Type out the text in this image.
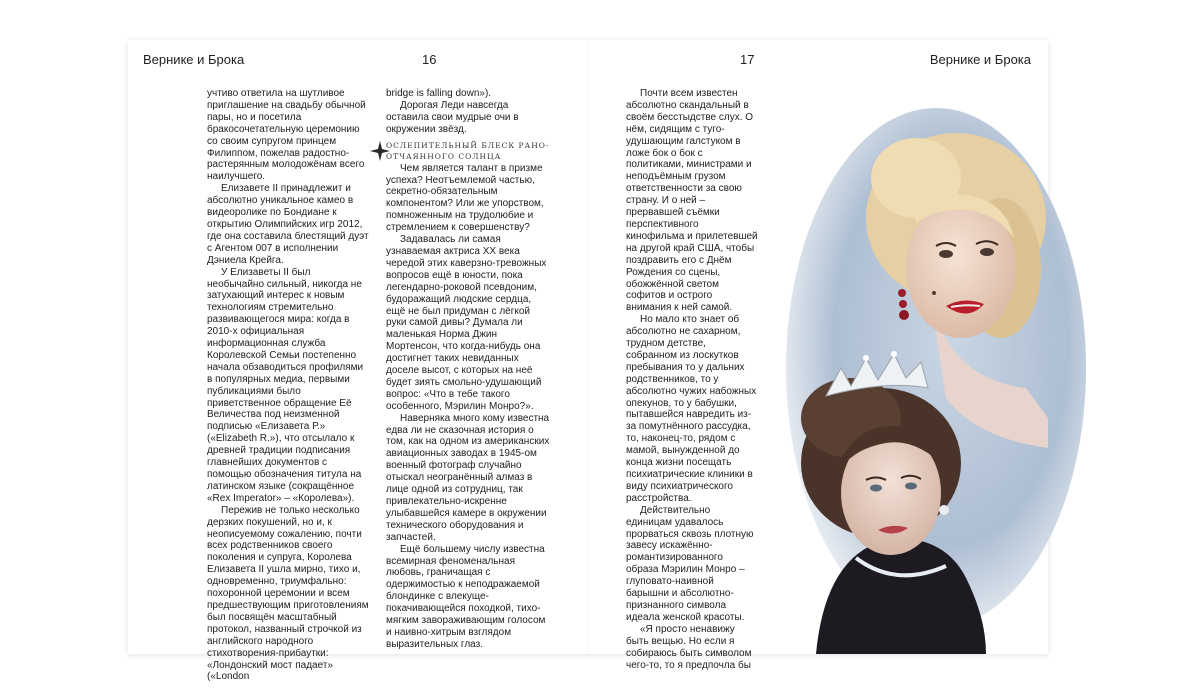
Верникe и Брока	16	17	Верникe и Брока

учтиво ответила на шутливое приглашение на свадьбу обычной пары, но и посетила бракосочетательную церемонию со своим супругом принцем Филиппом, пожелав радостно-растерянным молодожёнам всего наилучшего.

Елизавете II принадлежит и абсолютно уникальное камео в видеоролике по Бондиане к открытию Олимпийских игр 2012, где она составила блестящий дуэт с Агентом 007 в исполнении Дэниела Крейга.

У Елизаветы II был необычайно сильный, никогда не затухающий интерес к новым технологиям стремительно развивающегося мира: когда в 2010-х официальная информационная служба Королевской Семьи постепенно начала обзаводиться профилями в популярных медиа, первыми публикациями было приветственное обращение Её Величества под неизменной подписью «Елизавета Р.» («Elizabeth R.»), что отсылало к древней традиции подписания главнейших документов с помощью обозначения титула на латинском языке (сокращённое «Rex Imperator» – «Королева»).

Пережив не только несколько дерзких покушений, но и, к неописуемому сожалению, почти всех родственников своего поколения и супруга, Королева Елизавета II ушла мирно, тихо и, одновременно, триумфально: похоронной церемонии и всем предшествующим приготовлениям был посвящён масштабный протокол, названный строчкой из английского народного стихотворения-прибаутки: «Лондонский мост падает» («London

bridge is falling down»).

Дорогая Леди навсегда оставила свои мудрые очи в окружении звёзд.

ОСЛЕПИТЕЛЬНЫЙ БЛЕСК РАНО-ОТЧАЯННОГО СОЛНЦА

Чем является талант в призме успеха? Неотъемлемой частью, секретно-обязательным компонентом? Или же упорством, помноженным на трудолюбие и стремлением к совершенству?

Задавалась ли самая узнаваемая актриса XX века чередой этих каверзно-тревожных вопросов ещё в юности, пока легендарно-роковой псевдоним, будоражащий людские сердца, ещё не был придуман с лёгкой руки самой дивы? Думала ли маленькая Норма Джин Мортенсон, что когда-нибудь она достигнет таких невиданных доселе высот, с которых на неё будет зиять смольно-удушающий вопрос: «Что в тебе такого особенного, Мэрилин Монро?».

Наверняка много кому известна едва ли не сказочная история о том, как на одном из американских авиационных заводах в 1945-ом военный фотограф случайно отыскал неогранённый алмаз в лице одной из сотрудниц, так привлекательно-искренне улыбавшейся камере в окружении технического оборудования и запчастей.

Ещё большему числу известна всемирная феноменальная любовь, граничащая с одержимостью к неподражаемой блондинке с влекуще-покачивающейся походкой, тихо-мягким завораживающим голосом и наивно-хитрым взглядом выразительных глаз.

Почти всем известен абсолютно скандальный в своём бесстыдстве слух. О нём, сидящим с туго-удушающим галстуком в ложе бок о бок с политиками, министрами и неподъёмным грузом ответственности за свою страну. И о ней – прервавшей съёмки перспективного кинофильма и прилетевшей на другой край США, чтобы поздравить его с Днём Рождения со сцены, обожжённой светом софитов и острого внимания к ней самой.

Но мало кто знает об абсолютно не сахарном, трудном детстве, собранном из лоскутков пребывания то у дальних родственников, то у абсолютно чужих набожных опекунов, то у бабушки, пытавшейся навредить из-за помутнённого рассудка, то, наконец-то, рядом с мамой, вынужденной до конца жизни посещать психиатрические клиники в виду психиатрического расстройства.

Действительно единицам удавалось прорваться сквозь плотную завесу искажённо-романтизированного образа Мэрилин Монро – глуповато-наивной барышни и абсолютно-признанного символа идеала женской красоты.

«Я просто ненавижу быть вещью. Но если я собираюсь быть символом чего-то, то я предпочла бы
